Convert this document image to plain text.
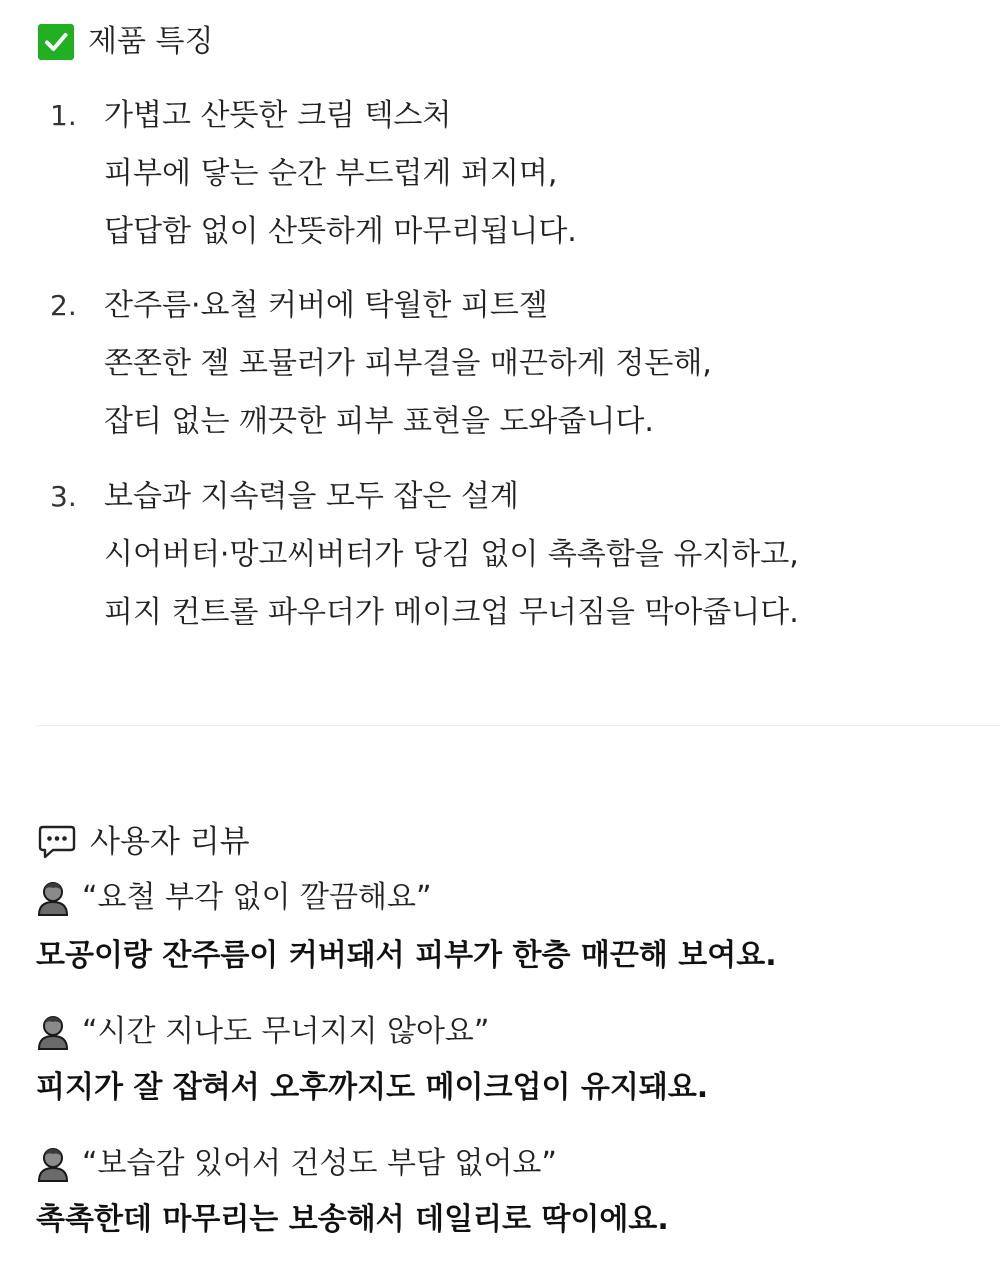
제품 특징
1. 가볍고 산뜻한 크림 텍스처
피부에 닿는 순간 부드럽게 퍼지며,
답답함 없이 산뜻하게 마무리됩니다.
2. 잔주름·요철 커버에 탁월한 피트젤
쫀쫀한 젤 포뮬러가 피부결을 매끈하게 정돈해,
잡티 없는 깨끗한 피부 표현을 도와줍니다.
3. 보습과 지속력을 모두 잡은 설계
시어버터·망고씨버터가 당김 없이 촉촉함을 유지하고,
피지 컨트롤 파우더가 메이크업 무너짐을 막아줍니다.
사용자 리뷰
“요철 부각 없이 깔끔해요”
모공이랑 잔주름이 커버돼서 피부가 한층 매끈해 보여요.
“시간 지나도 무너지지 않아요”
피지가 잘 잡혀서 오후까지도 메이크업이 유지돼요.
“보습감 있어서 건성도 부담 없어요”
촉촉한데 마무리는 보송해서 데일리로 딱이에요.
